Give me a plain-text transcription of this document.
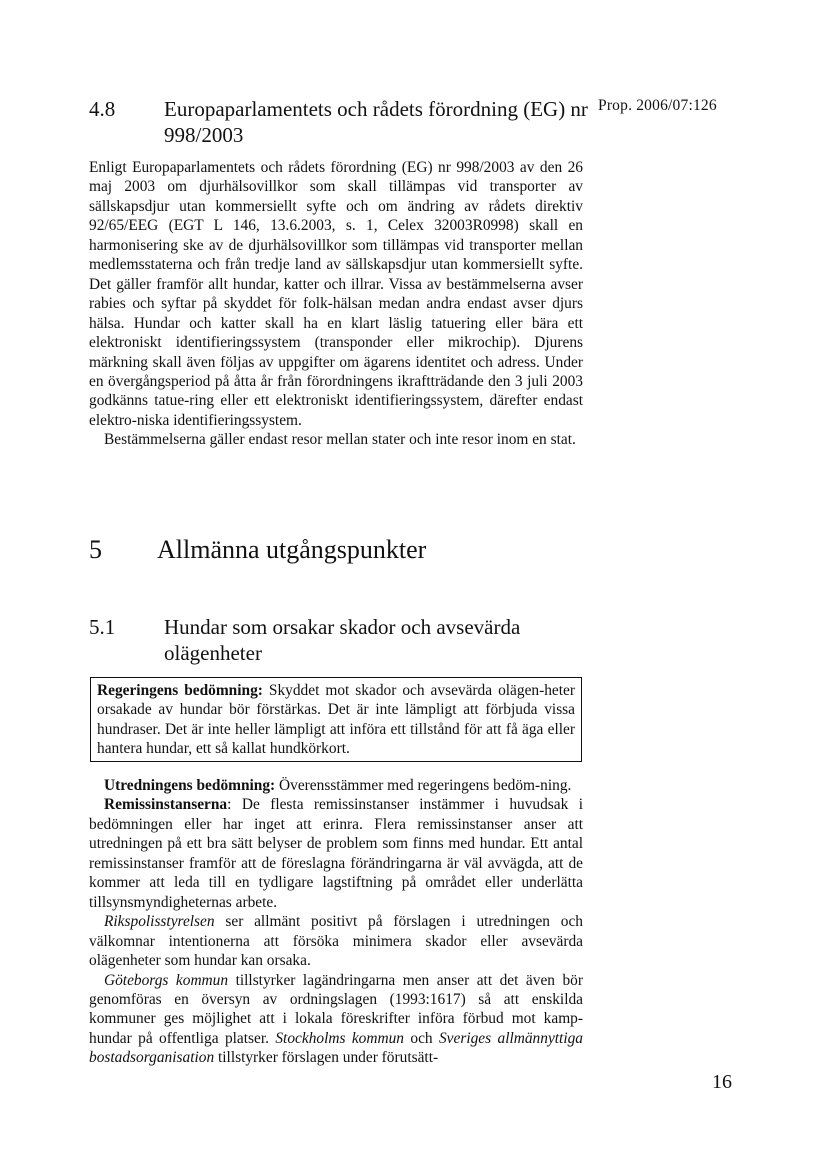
Prop. 2006/07:126
4.8 Europaparlamentets och rådets förordning (EG) nr 998/2003

Enligt Europaparlamentets och rådets förordning (EG) nr 998/2003 av den 26 maj 2003 om djurhälsovillkor som skall tillämpas vid transporter av sällskapsdjur utan kommersiellt syfte och om ändring av rådets direktiv 92/65/EEG (EGT L 146, 13.6.2003, s. 1, Celex 32003R0998) skall en harmonisering ske av de djurhälsovillkor som tillämpas vid transporter mellan medlemsstaterna och från tredje land av sällskapsdjur utan kommersiellt syfte. Det gäller framför allt hundar, katter och illrar. Vissa av bestämmelserna avser rabies och syftar på skyddet för folk-hälsan medan andra endast avser djurs hälsa. Hundar och katter skall ha en klart läslig tatuering eller bära ett elektroniskt identifieringssystem (transponder eller mikrochip). Djurens märkning skall även följas av uppgifter om ägarens identitet och adress. Under en övergångsperiod på åtta år från förordningens ikraftträdande den 3 juli 2003 godkänns tatue-ring eller ett elektroniskt identifieringssystem, därefter endast elektro-niska identifieringssystem.

Bestämmelserna gäller endast resor mellan stater och inte resor inom en stat.

5 Allmänna utgångspunkter
5.1 Hundar som orsakar skador och avsevärda olägenheter

Regeringens bedömning: Skyddet mot skador och avsevärda olägen-heter orsakade av hundar bör förstärkas. Det är inte lämpligt att förbjuda vissa hundraser. Det är inte heller lämpligt att införa ett tillstånd för att få äga eller hantera hundar, ett så kallat hundkörkort.

Utredningens bedömning: Överensstämmer med regeringens bedöm-ning.

Remissinstanserna: De flesta remissinstanser instämmer i huvudsak i bedömningen eller har inget att erinra. Flera remissinstanser anser att utredningen på ett bra sätt belyser de problem som finns med hundar. Ett antal remissinstanser framför att de föreslagna förändringarna är väl avvägda, att de kommer att leda till en tydligare lagstiftning på området eller underlätta tillsynsmyndigheternas arbete.

Rikspolisstyrelsen ser allmänt positivt på förslagen i utredningen och välkomnar intentionerna att försöka minimera skador eller avsevärda olägenheter som hundar kan orsaka.

Göteborgs kommun tillstyrker lagändringarna men anser att det även bör genomföras en översyn av ordningslagen (1993:1617) så att enskilda kommuner ges möjlighet att i lokala föreskrifter införa förbud mot kamp-hundar på offentliga platser. Stockholms kommun och Sveriges allmännyttiga bostadsorganisation tillstyrker förslagen under förutsätt-

16
